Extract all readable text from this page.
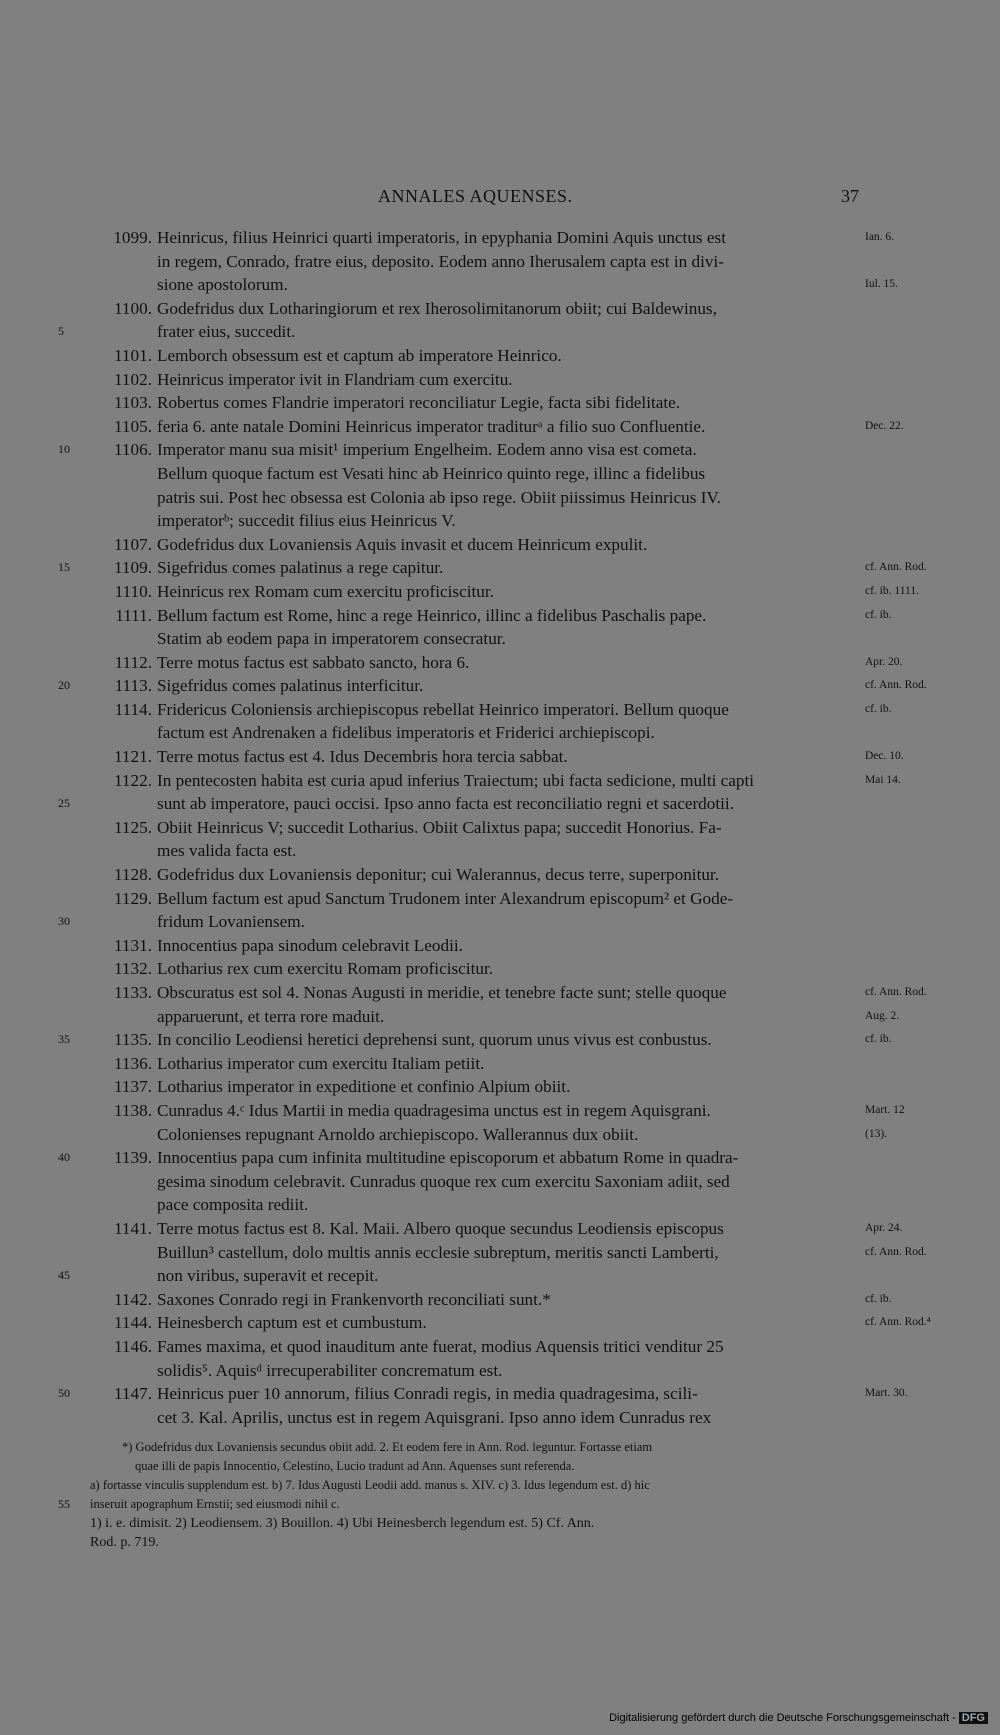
ANNALES AQUENSES.	37
1099. Heinricus, filius Heinrici quarti imperatoris, in epyphania Domini Aquis unctus est	Ian. 6.
in regem, Conrado, fratre eius, deposito. Eodem anno Iherusalem capta est in divi-
sione apostolorum.	Iul. 15.
1100. Godefridus dux Lotharingiorum et rex Iherosolimitanorum obiit; cui Baldewinus,
5	frater eius, succedit.
1101. Lemborch obsessum est et captum ab imperatore Heinrico.
1102. Heinricus imperator ivit in Flandriam cum exercitu.
1103. Robertus comes Flandrie imperatori reconciliatur Legie, facta sibi fidelitate.
1105. feria 6. ante natale Domini Heinricus imperator traditurᵃ a filio suo Confluentie.	Dec. 22.
10	1106. Imperator manu sua misit¹ imperium Engelheim. Eodem anno visa est cometa.
Bellum quoque factum est Vesati hinc ab Heinrico quinto rege, illinc a fidelibus
patris sui. Post hec obsessa est Colonia ab ipso rege. Obiit piissimus Heinricus IV.
imperatorᵇ; succedit filius eius Heinricus V.
1107. Godefridus dux Lovaniensis Aquis invasit et ducem Heinricum expulit.
15	1109. Sigefridus comes palatinus a rege capitur.	cf. Ann. Rod.
1110. Heinricus rex Romam cum exercitu proficiscitur.	cf. ib. 1111.
1111. Bellum factum est Rome, hinc a rege Heinrico, illinc a fidelibus Paschalis pape.	cf. ib.
Statim ab eodem papa in imperatorem consecratur.
1112. Terre motus factus est sabbato sancto, hora 6.	Apr. 20.
20	1113. Sigefridus comes palatinus interficitur.	cf. Ann. Rod.
1114. Fridericus Coloniensis archiepiscopus rebellat Heinrico imperatori. Bellum quoque	cf. ib.
factum est Andrenaken a fidelibus imperatoris et Friderici archiepiscopi.
1121. Terre motus factus est 4. Idus Decembris hora tercia sabbat.	Dec. 10.
1122. In pentecosten habita est curia apud inferius Traiectum; ubi facta sedicione, multi capti	Mai 14.
25	sunt ab imperatore, pauci occisi. Ipso anno facta est reconciliatio regni et sacerdotii.
1125. Obiit Heinricus V; succedit Lotharius. Obiit Calixtus papa; succedit Honorius. Fa-
mes valida facta est.
1128. Godefridus dux Lovaniensis deponitur; cui Walerannus, decus terre, superponitur.
1129. Bellum factum est apud Sanctum Trudonem inter Alexandrum episcopum² et Gode-
30	fridum Lovaniensem.
1131. Innocentius papa sinodum celebravit Leodii.
1132. Lotharius rex cum exercitu Romam proficiscitur.
1133. Obscuratus est sol 4. Nonas Augusti in meridie, et tenebre facte sunt; stelle quoque	cf. Ann. Rod.
apparuerunt, et terra rore maduit.	Aug. 2.
35	1135. In concilio Leodiensi heretici deprehensi sunt, quorum unus vivus est conbustus.	cf. ib.
1136. Lotharius imperator cum exercitu Italiam petiit.
1137. Lotharius imperator in expeditione et confinio Alpium obiit.
1138. Cunradus 4.ᶜ Idus Martii in media quadragesima unctus est in regem Aquisgrani.	Mart. 12
Colonienses repugnant Arnoldo archiepiscopo. Wallerannus dux obiit.	(13).
40	1139. Innocentius papa cum infinita multitudine episcoporum et abbatum Rome in quadra-
gesima sinodum celebravit. Cunradus quoque rex cum exercitu Saxoniam adiit, sed
pace composita rediit.
1141. Terre motus factus est 8. Kal. Maii. Albero quoque secundus Leodiensis episcopus	Apr. 24.
Buillun³ castellum, dolo multis annis ecclesie subreptum, meritis sancti Lamberti,	cf. Ann. Rod.
45	non viribus, superavit et recepit.
1142. Saxones Conrado regi in Frankenvorth reconciliati sunt.*	cf. ib.
1144. Heinesberch captum est et cumbustum.	cf. Ann. Rod.⁴
1146. Fames maxima, et quod inauditum ante fuerat, modius Aquensis tritici venditur 25
solidis⁵. Aquisᵈ irrecuperabiliter concrematum est.
50	1147. Heinricus puer 10 annorum, filius Conradi regis, in media quadragesima, scili-	Mart. 30.
cet 3. Kal. Aprilis, unctus est in regem Aquisgrani. Ipso anno idem Cunradus rex
*) Godefridus dux Lovaniensis secundus obiit add. 2. Et eodem fere in Ann. Rod. leguntur. Fortasse etiam
quae illi de papis Innocentio, Celestino, Lucio tradunt ad Ann. Aquenses sunt referenda.
a) fortasse vinculis supplendum est. b) 7. Idus Augusti Leodii add. manus s. XIV. c) 3. Idus legendum est. d) hic
55 inseruit apographum Ernstii; sed eiusmodi nihil c.
1) i. e. dimisit. 2) Leodiensem. 3) Bouillon. 4) Ubi Heinesberch legendum est. 5) Cf. Ann.
Rod. p. 719.
Digitalisierung gefördert durch die Deutsche Forschungsgemeinschaft - DFG
